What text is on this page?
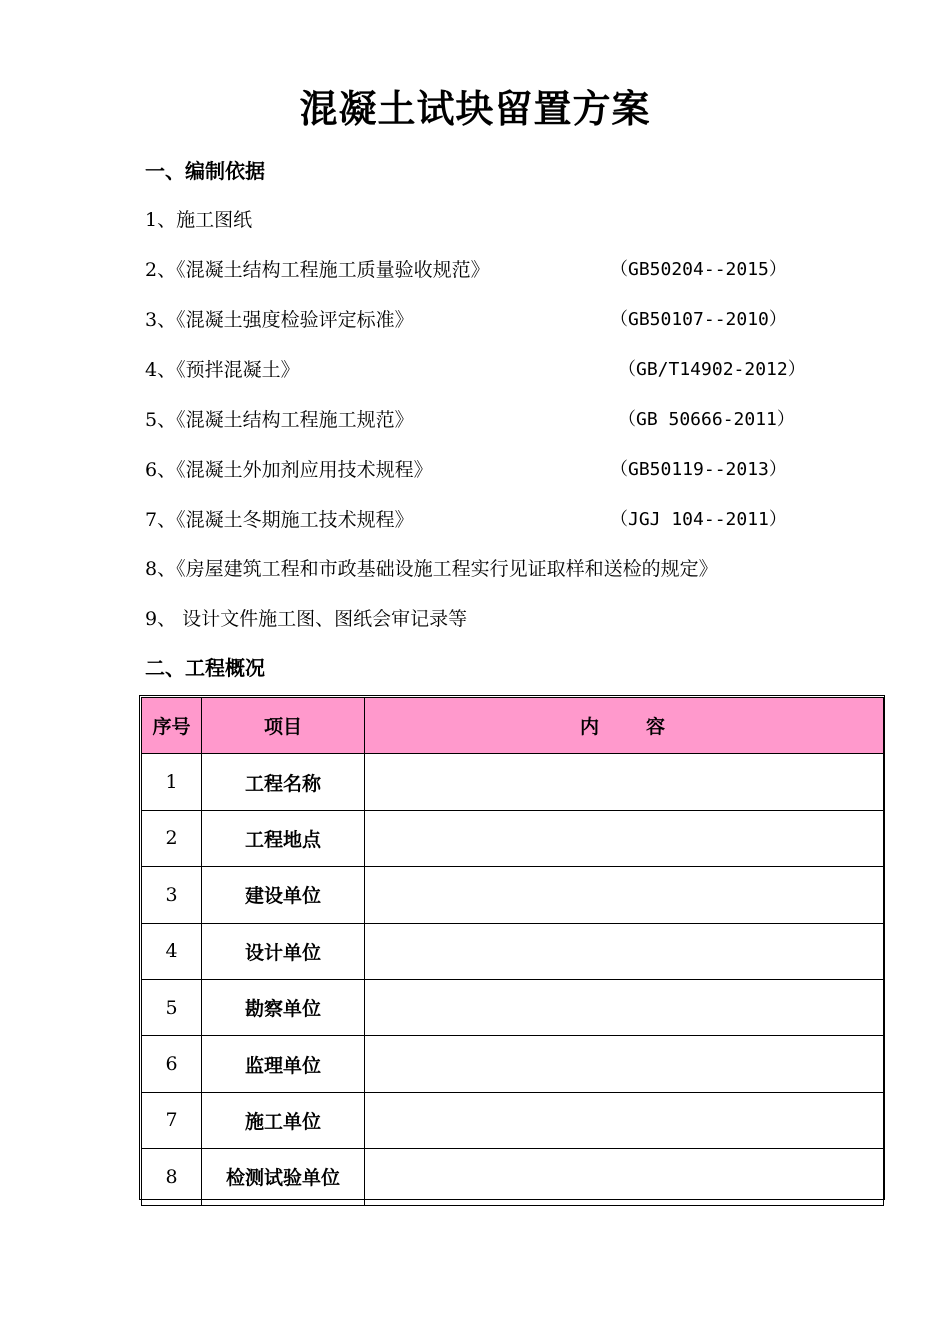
混凝土试块留置方案
一、编制依据
1、施工图纸
2、《混凝土结构工程施工质量验收规范》	（GB50204--2015）
3、《混凝土强度检验评定标准》	（GB50107--2010）
4、《预拌混凝土》	（GB/T14902-2012）
5、《混凝土结构工程施工规范》	（GB 50666-2011）
6、《混凝土外加剂应用技术规程》	（GB50119--2013）
7、《混凝土冬期施工技术规程》	（JGJ 104--2011）
8、《房屋建筑工程和市政基础设施工程实行见证取样和送检的规定》
9、 设计文件施工图、图纸会审记录等
二、工程概况
序号	项目	内　　容
1	工程名称	
2	工程地点	
3	建设单位	
4	设计单位	
5	勘察单位	
6	监理单位	
7	施工单位	
8	检测试验单位	
